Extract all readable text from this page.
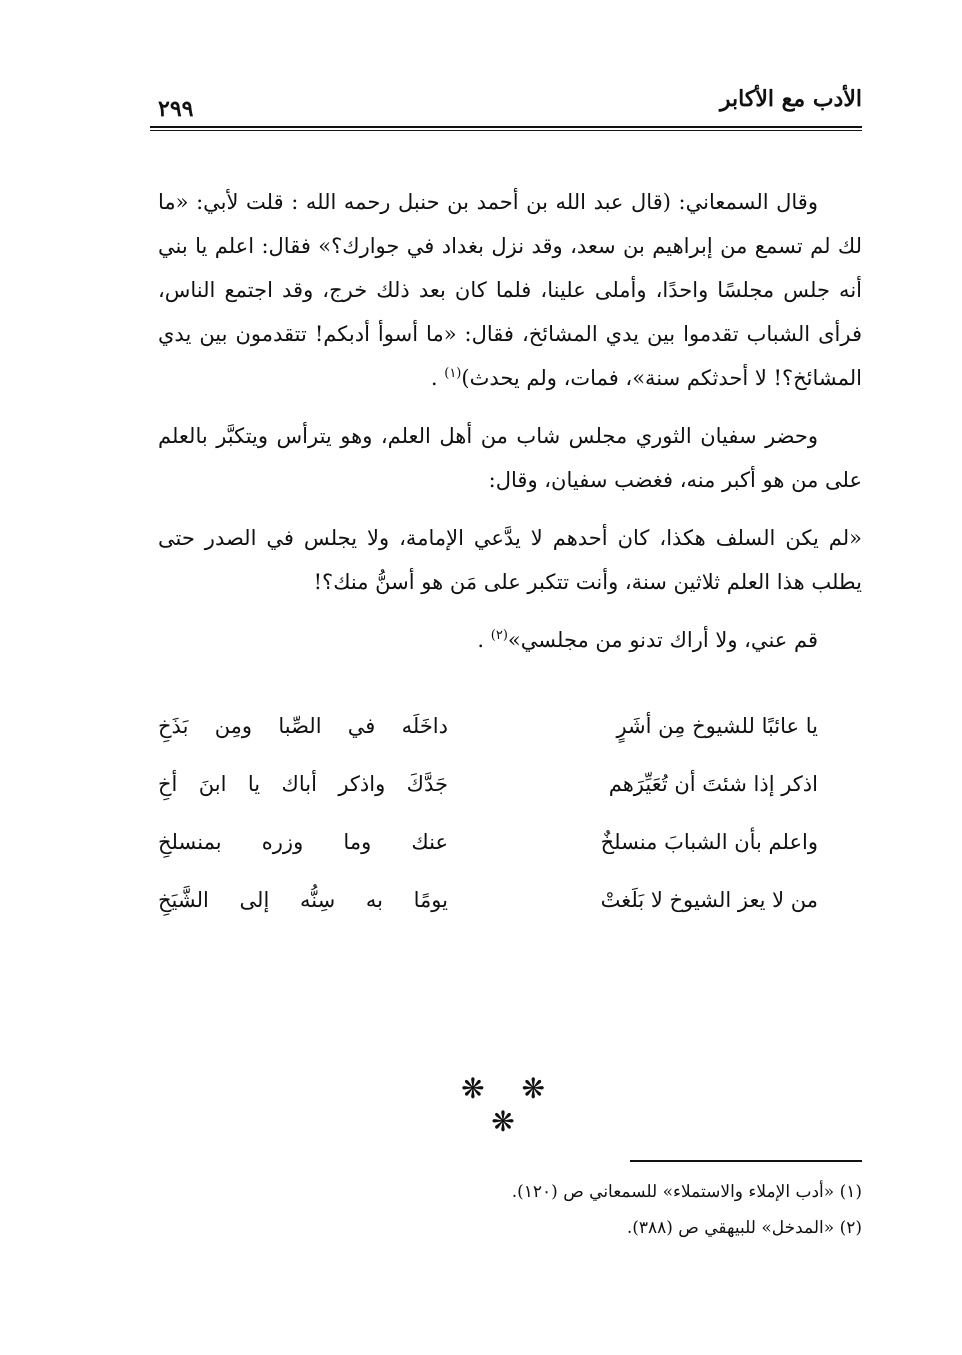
الأدب مع الأكابر
٢٩٩

وقال السمعاني: (قال عبد الله بن أحمد بن حنبل رحمه الله : قلت لأبي: «ما لك لم تسمع من إبراهيم بن سعد، وقد نزل بغداد في جوارك؟» فقال: اعلم يا بني أنه جلس مجلسًا واحدًا، وأملى علينا، فلما كان بعد ذلك خرج، وقد اجتمع الناس، فرأى الشباب تقدموا بين يدي المشائخ، فقال: «ما أسوأ أدبكم! تتقدمون بين يدي المشائخ؟! لا أحدثكم سنة»، فمات، ولم يحدث)$^{(١)}$ .

وحضر سفيان الثوري مجلس شاب من أهل العلم، وهو يترأس ويتكبَّر بالعلم على من هو أكبر منه، فغضب سفيان، وقال:

«لم يكن السلف هكذا، كان أحدهم لا يدَّعي الإمامة، ولا يجلس في الصدر حتى يطلب هذا العلم ثلاثين سنة، وأنت تتكبر على مَن هو أسنُّ منك؟!

قم عني، ولا أراك تدنو من مجلسي»$^{(٢)}$ .

يا عائبًا للشيوخ مِن أشَرٍ
داخَلَه في الصِّبا ومِن بَذَخِ
اذكر إذا شئتَ أن تُعَيِّرَهم
جَدَّكَ واذكر أباك يا ابنَ أخِ
واعلم بأن الشبابَ منسلخٌ
عنك وما وزره بمنسلخِ
من لا يعز الشيوخ لا بَلَغتْ
يومًا به سِنُّه إلى الشَّيَخِ
❋ ❋ ❋

(١) «أدب الإملاء والاستملاء» للسمعاني ص (١٢٠).

(٢) «المدخل» للبيهقي ص (٣٨٨).
